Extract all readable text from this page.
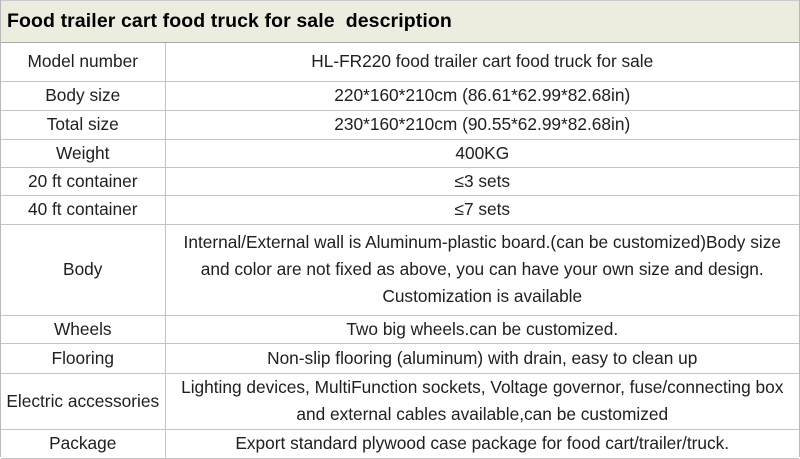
Food trailer cart food truck for sale  description
Model number	HL-FR220 food trailer cart food truck for sale
Body size	220*160*210cm (86.61*62.99*82.68in)
Total size	230*160*210cm (90.55*62.99*82.68in)
Weight	400KG
20 ft container	≤3 sets
40 ft container	≤7 sets
Body	Internal/External wall is Aluminum-plastic board.(can be customized)Body size and color are not fixed as above, you can have your own size and design. Customization is available
Wheels	Two big wheels.can be customized.
Flooring	Non-slip flooring (aluminum) with drain, easy to clean up
Electric accessories	Lighting devices, MultiFunction sockets, Voltage governor, fuse/connecting box and external cables available,can be customized
Package	Export standard plywood case package for food cart/trailer/truck.
